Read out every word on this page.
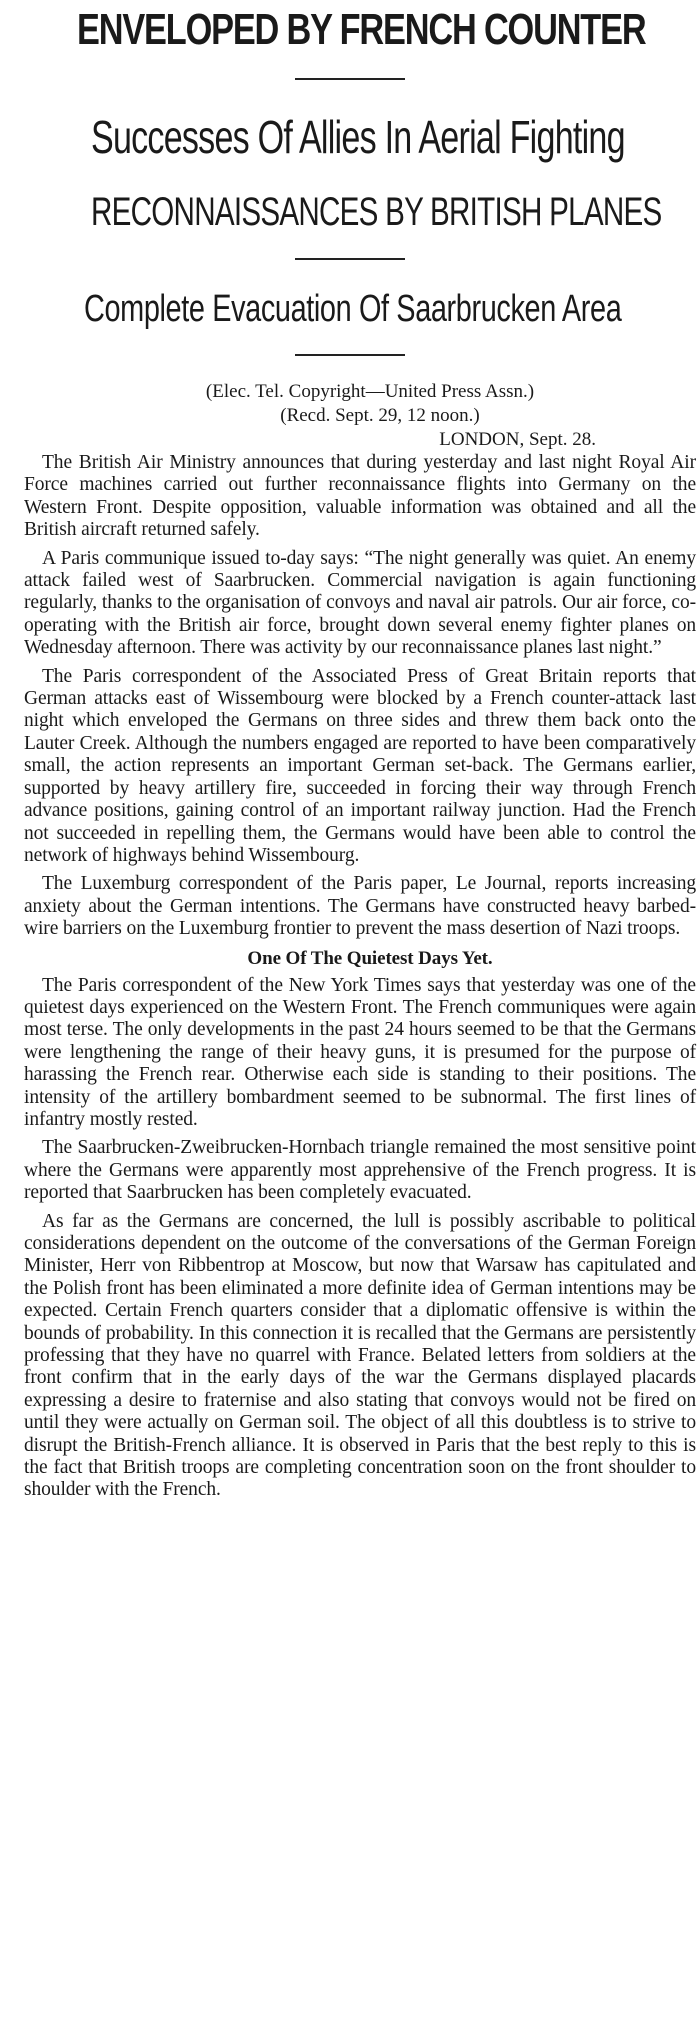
ENVELOPED BY FRENCH COUNTER
Successes Of Allies In Aerial Fighting
RECONNAISSANCES BY BRITISH PLANES
Complete Evacuation Of Saarbrucken Area
(Elec. Tel. Copyright—United Press Assn.)
(Recd. Sept. 29, 12 noon.)
LONDON, Sept. 28.

The British Air Ministry announces that during yesterday and last night Royal Air Force machines carried out further reconnaissance flights into Germany on the Western Front. Despite opposition, valuable information was obtained and all the British aircraft returned safely.

A Paris communique issued to-day says: “The night generally was quiet. An enemy attack failed west of Saarbrucken. Commercial navigation is again functioning regularly, thanks to the organisation of convoys and naval air patrols. Our air force, co-operating with the British air force, brought down several enemy fighter planes on Wednesday afternoon. There was activity by our reconnaissance planes last night.”

The Paris correspondent of the Associated Press of Great Britain reports that German attacks east of Wissembourg were blocked by a French counter-attack last night which enveloped the Germans on three sides and threw them back onto the Lauter Creek. Although the numbers engaged are reported to have been comparatively small, the action represents an important German set-back. The Germans earlier, supported by heavy artillery fire, succeeded in forcing their way through French advance positions, gaining control of an important railway junction. Had the French not succeeded in repelling them, the Germans would have been able to control the network of highways behind Wissembourg.

The Luxemburg correspondent of the Paris paper, Le Journal, reports increasing anxiety about the German intentions. The Germans have constructed heavy barbed-wire barriers on the Luxemburg frontier to prevent the mass desertion of Nazi troops.

One Of The Quietest Days Yet.

The Paris correspondent of the New York Times says that yesterday was one of the quietest days experienced on the Western Front. The French communiques were again most terse. The only developments in the past 24 hours seemed to be that the Germans were lengthening the range of their heavy guns, it is presumed for the purpose of harassing the French rear. Otherwise each side is standing to their positions. The intensity of the artillery bombardment seemed to be subnormal. The first lines of infantry mostly rested.

The Saarbrucken-Zweibrucken-Hornbach triangle remained the most sensitive point where the Germans were apparently most apprehensive of the French progress. It is reported that Saarbrucken has been completely evacuated.

As far as the Germans are concerned, the lull is possibly ascribable to political considerations dependent on the outcome of the conversations of the German Foreign Minister, Herr von Ribbentrop at Moscow, but now that Warsaw has capitulated and the Polish front has been eliminated a more definite idea of German intentions may be expected. Certain French quarters consider that a diplomatic offensive is within the bounds of probability. In this connection it is recalled that the Germans are persistently professing that they have no quarrel with France. Belated letters from soldiers at the front confirm that in the early days of the war the Germans displayed placards expressing a desire to fraternise and also stating that convoys would not be fired on until they were actually on German soil. The object of all this doubtless is to strive to disrupt the British-French alliance. It is observed in Paris that the best reply to this is the fact that British troops are completing concentration soon on the front shoulder to shoulder with the French.
